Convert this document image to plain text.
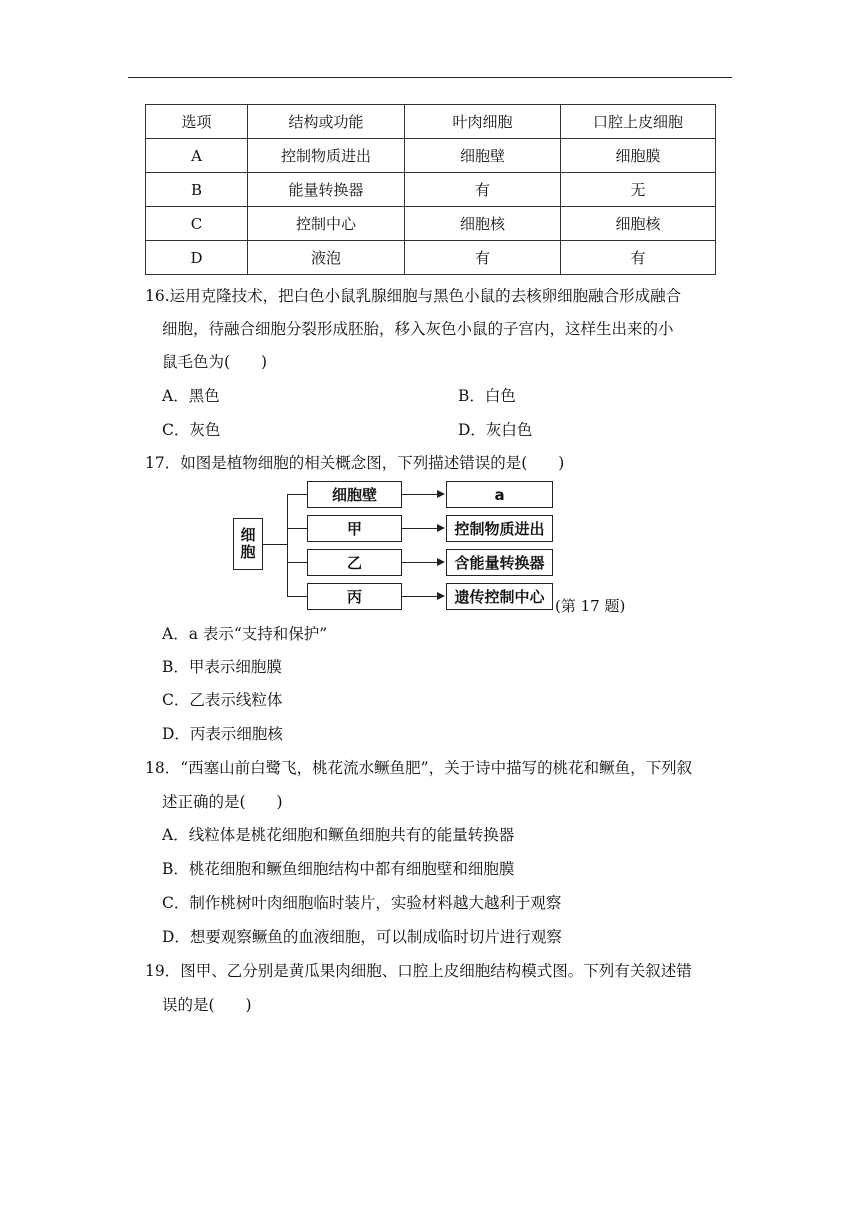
选项	结构或功能	叶肉细胞	口腔上皮细胞
A	控制物质进出	细胞壁	细胞膜
B	能量转换器	有	无
C	控制中心	细胞核	细胞核
D	液泡	有	有
16.运用克隆技术，把白色小鼠乳腺细胞与黑色小鼠的去核卵细胞融合形成融合
细胞，待融合细胞分裂形成胚胎，移入灰色小鼠的子宫内，这样生出来的小
鼠毛色为(　　)
A．黑色	B．白色
C．灰色	D．灰白色
17．如图是植物细胞的相关概念图，下列描述错误的是(　　)
细
胞
细胞壁
甲
乙
丙
a
控制物质进出
含能量转换器
遗传控制中心 (第 17 题)
A．a 表示“支持和保护”
B．甲表示细胞膜
C．乙表示线粒体
D．丙表示细胞核
18．“西塞山前白鹭飞，桃花流水鳜鱼肥”，关于诗中描写的桃花和鳜鱼，下列叙
述正确的是(　　)
A．线粒体是桃花细胞和鳜鱼细胞共有的能量转换器
B．桃花细胞和鳜鱼细胞结构中都有细胞壁和细胞膜
C．制作桃树叶肉细胞临时装片，实验材料越大越利于观察
D．想要观察鳜鱼的血液细胞，可以制成临时切片进行观察
19．图甲、乙分别是黄瓜果肉细胞、口腔上皮细胞结构模式图。下列有关叙述错
误的是(　　)
